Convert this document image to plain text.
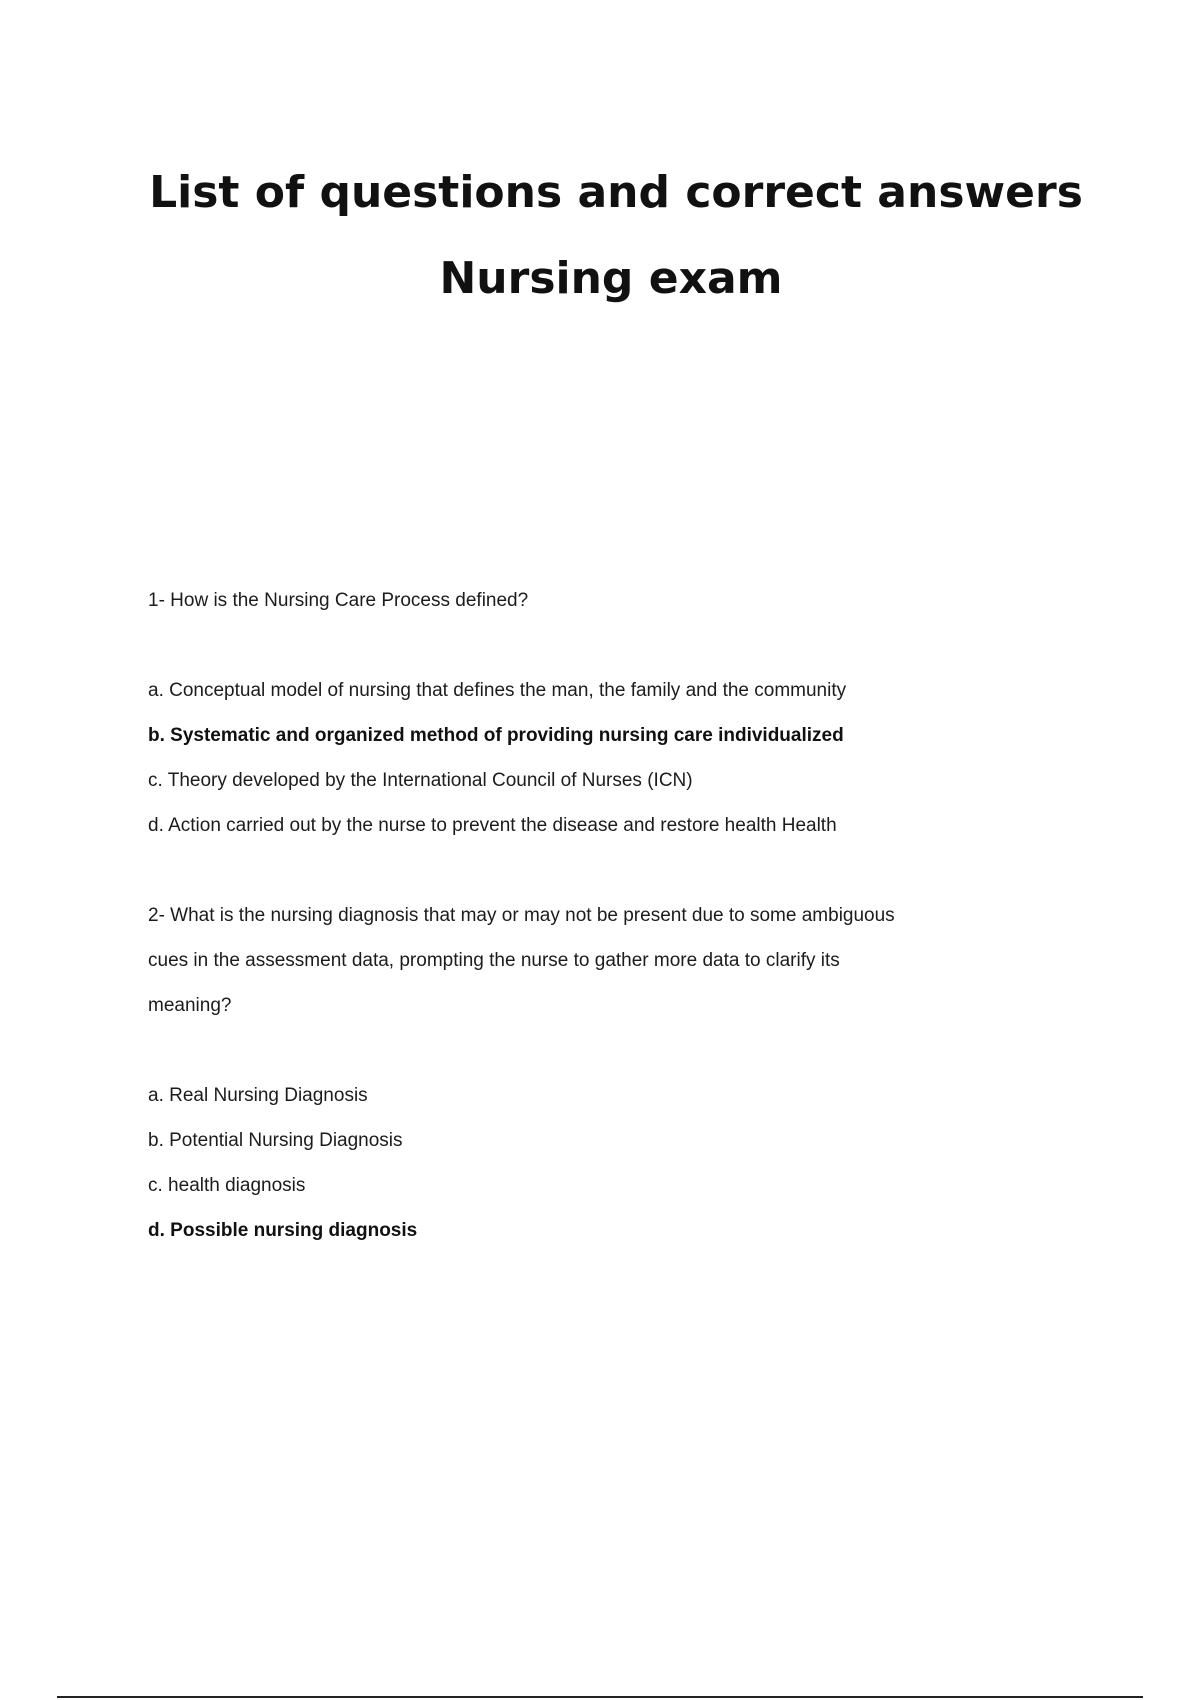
List of questions and correct answers
Nursing exam

1- How is the Nursing Care Process defined?

a. Conceptual model of nursing that defines the man, the family and the community
b. Systematic and organized method of providing nursing care individualized
c. Theory developed by the International Council of Nurses (ICN)
d. Action carried out by the nurse to prevent the disease and restore health Health

2- What is the nursing diagnosis that may or may not be present due to some ambiguous cues in the assessment data, prompting the nurse to gather more data to clarify its meaning?

a. Real Nursing Diagnosis
b. Potential Nursing Diagnosis
c. health diagnosis
d. Possible nursing diagnosis
